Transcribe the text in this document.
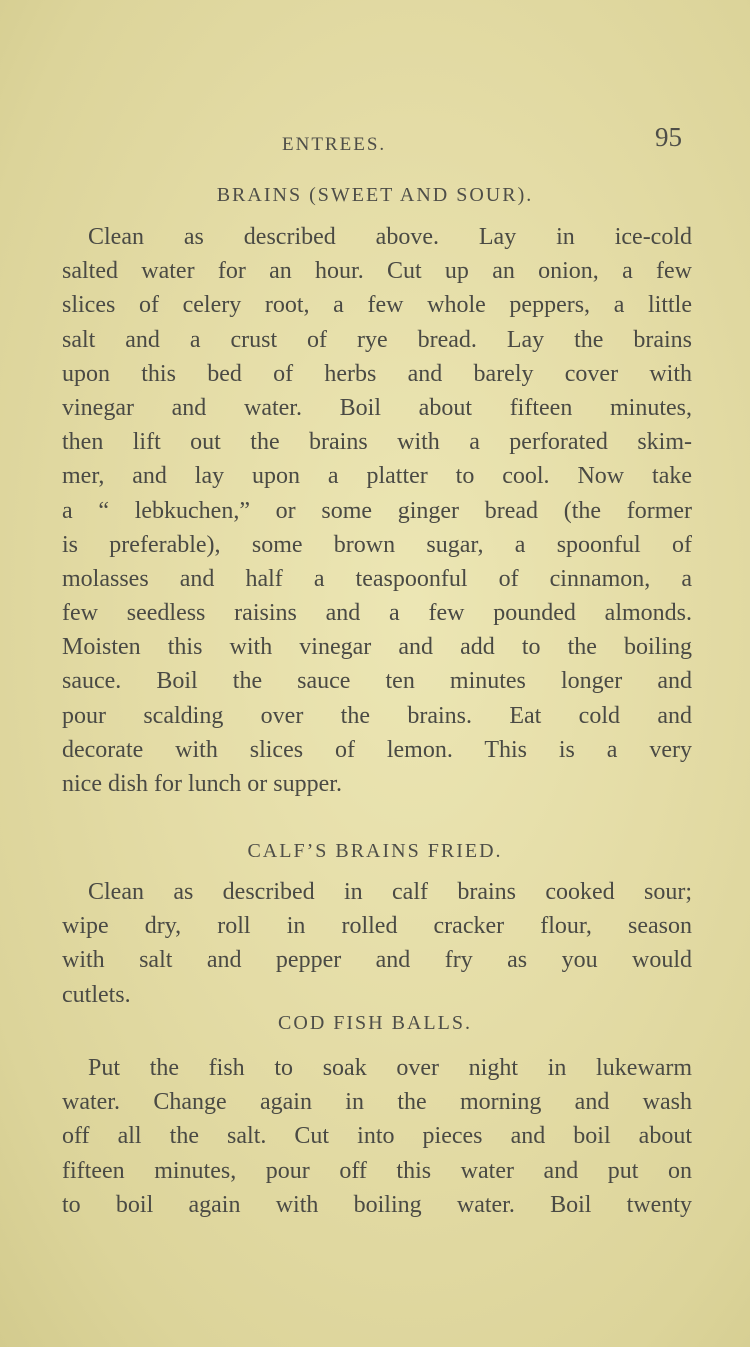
ENTREES.	95
BRAINS (SWEET AND SOUR).
Clean as described above. Lay in ice-cold
salted water for an hour. Cut up an onion, a few
slices of celery root, a few whole peppers, a little
salt and a crust of rye bread. Lay the brains
upon this bed of herbs and barely cover with
vinegar and water. Boil about fifteen minutes,
then lift out the brains with a perforated skim-
mer, and lay upon a platter to cool. Now take
a “ lebkuchen,” or some ginger bread (the former
is preferable), some brown sugar, a spoonful of
molasses and half a teaspoonful of cinnamon, a
few seedless raisins and a few pounded almonds.
Moisten this with vinegar and add to the boiling
sauce. Boil the sauce ten minutes longer and
pour scalding over the brains. Eat cold and
decorate with slices of lemon. This is a very
nice dish for lunch or supper.
CALF’S BRAINS FRIED.
Clean as described in calf brains cooked sour;
wipe dry, roll in rolled cracker flour, season
with salt and pepper and fry as you would
cutlets.
COD FISH BALLS.
Put the fish to soak over night in lukewarm
water. Change again in the morning and wash
off all the salt. Cut into pieces and boil about
fifteen minutes, pour off this water and put on
to boil again with boiling water. Boil twenty
